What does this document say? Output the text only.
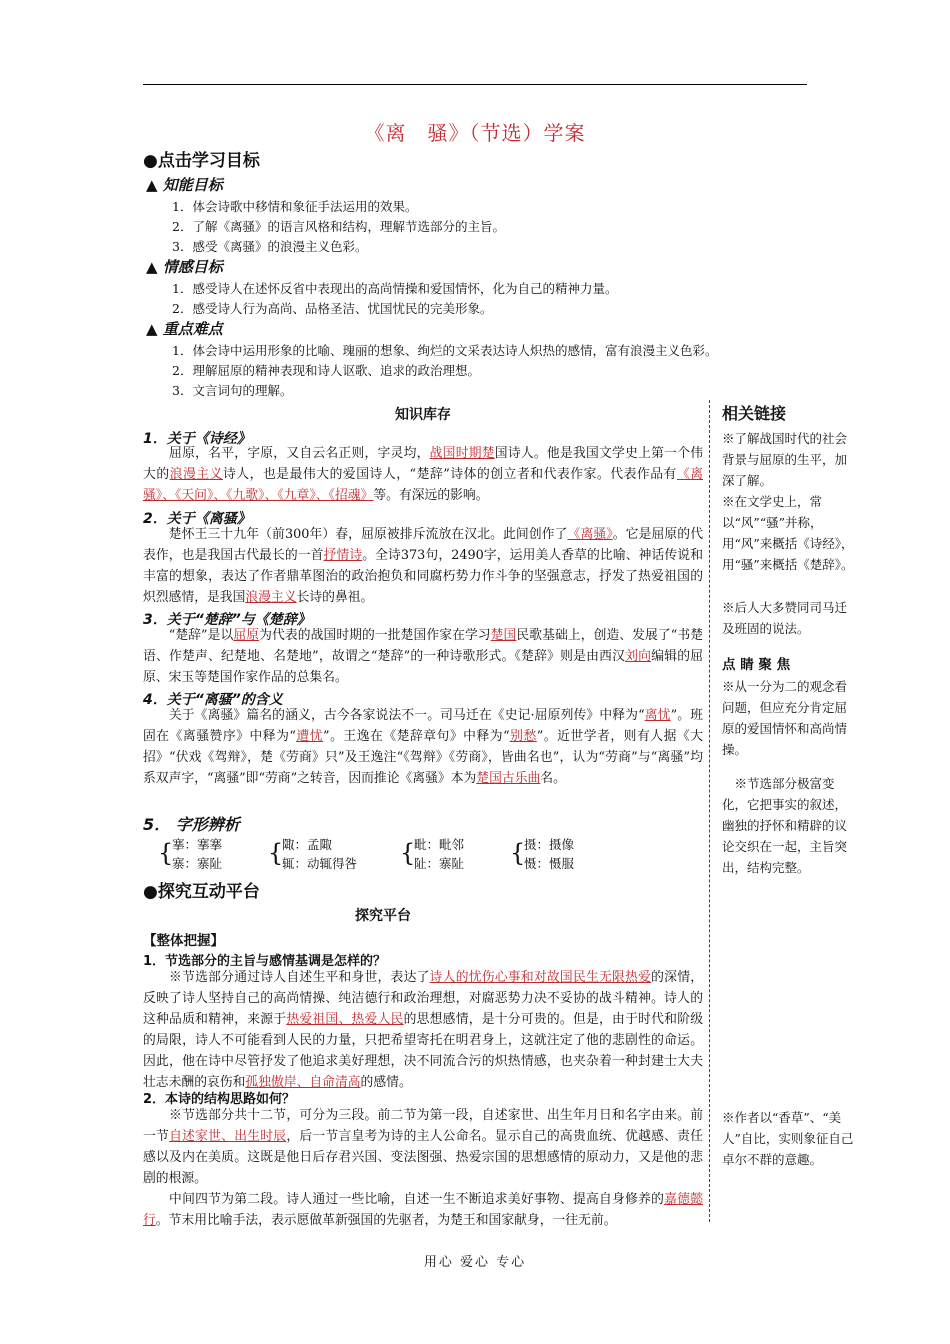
《离　骚》（节选）学案
●点击学习目标
▲ 知能目标
1．体会诗歌中移情和象征手法运用的效果。
2．了解《离骚》的语言风格和结构，理解节选部分的主旨。
3．感受《离骚》的浪漫主义色彩。
▲ 情感目标
1．感受诗人在述怀反省中表现出的高尚情操和爱国情怀，化为自己的精神力量。
2．感受诗人行为高尚、品格圣洁、忧国忧民的完美形象。
▲ 重点难点
1．体会诗中运用形象的比喻、瑰丽的想象、绚烂的文采表达诗人炽热的感情，富有浪漫主义色彩。
2．理解屈原的精神表现和诗人讴歌、追求的政治理想。
3．文言词句的理解。
知识库存
1．关于《诗经》
　　屈原，名平，字原，又自云名正则，字灵均，战国时期楚国诗人。他是我国文学史上第一个伟大的浪漫主义诗人，也是最伟大的爱国诗人，“楚辞”诗体的创立者和代表作家。代表作品有《离骚》、《天问》、《九歌》、《九章》、《招魂》等。有深远的影响。
2．关于《离骚》
　　楚怀王三十九年（前300年）春，屈原被排斥流放在汉北。此间创作了《离骚》。它是屈原的代表作，也是我国古代最长的一首抒情诗。全诗373句，2490字，运用美人香草的比喻、神话传说和丰富的想象，表达了作者鼎革图治的政治抱负和同腐朽势力作斗争的坚强意志，抒发了热爱祖国的炽烈感情，是我国浪漫主义长诗的鼻祖。
3．关于“楚辞”与《楚辞》
　　“楚辞”是以屈原为代表的战国时期的一批楚国作家在学习楚国民歌基础上，创造、发展了“书楚语、作楚声、纪楚地、名楚地”，故谓之“楚辞”的一种诗歌形式。《楚辞》则是由西汉刘向编辑的屈原、宋玉等楚国作家作品的总集名。
4．关于“离骚”的含义
　　关于《离骚》篇名的涵义，古今各家说法不一。司马迁在《史记·屈原列传》中释为“离忧”。班固在《离骚赞序》中释为“遭忧”。王逸在《楚辞章句》中释为“别愁”。近世学者，则有人据《大招》“伏戏《驾辩》，楚《劳商》只”及王逸注“《驾辩》《劳商》，皆曲名也”，认为“劳商”与“离骚”均系双声字，“离骚”即“劳商”之转音，因而推论《离骚》本为楚国古乐曲名。
5． 字形辨析
{
搴：搴搴
寨：寨阯 {
陬：孟陬
辄：动辄得咎 {
毗：毗邻
阯：寨阯 {
摄：摄像
慑：慑服
●探究互动平台
探究平台
【整体把握】
1．节选部分的主旨与感情基调是怎样的？
　　※节选部分通过诗人自述生平和身世，表达了诗人的忧伤心事和对故国民生无限热爱的深情，反映了诗人坚持自己的高尚情操、纯洁德行和政治理想，对腐恶势力决不妥协的战斗精神。诗人的这种品质和精神，来源于热爱祖国、热爱人民的思想感情，是十分可贵的。但是，由于时代和阶级的局限，诗人不可能看到人民的力量，只把希望寄托在明君身上，这就注定了他的悲剧性的命运。因此，他在诗中尽管抒发了他追求美好理想，决不同流合污的炽热情感，也夹杂着一种封建士大夫壮志未酬的哀伤和孤独傲岸、自命清高的感情。
2．本诗的结构思路如何？
　　※节选部分共十二节，可分为三段。前二节为第一段，自述家世、出生年月日和名字由来。前一节自述家世、出生时辰，后一节言皇考为诗的主人公命名。显示自己的高贵血统、优越感、责任感以及内在美质。这既是他日后存君兴国、变法图强、热爱宗国的思想感情的原动力，又是他的悲剧的根源。
　　中间四节为第二段。诗人通过一些比喻，自述一生不断追求美好事物、提高自身修养的嘉德懿行。节末用比喻手法，表示愿做革新强国的先驱者，为楚王和国家献身，一往无前。
相关链接
※了解战国时代的社会背景与屈原的生平，加深了解。
※在文学史上，常以“风”“骚”并称，用“风”来概括《诗经》，用“骚”来概括《楚辞》。
※后人大多赞同司马迁及班固的说法。
点 睛 聚 焦
※从一分为二的观念看问题，但应充分肯定屈原的爱国情怀和高尚情操。
　※节选部分极富变化，它把事实的叙述，幽独的抒怀和精辟的议论交织在一起，主旨突出，结构完整。
※作者以“香草”、“美人”自比，实则象征自己卓尔不群的意趣。
用心 爱心 专心
